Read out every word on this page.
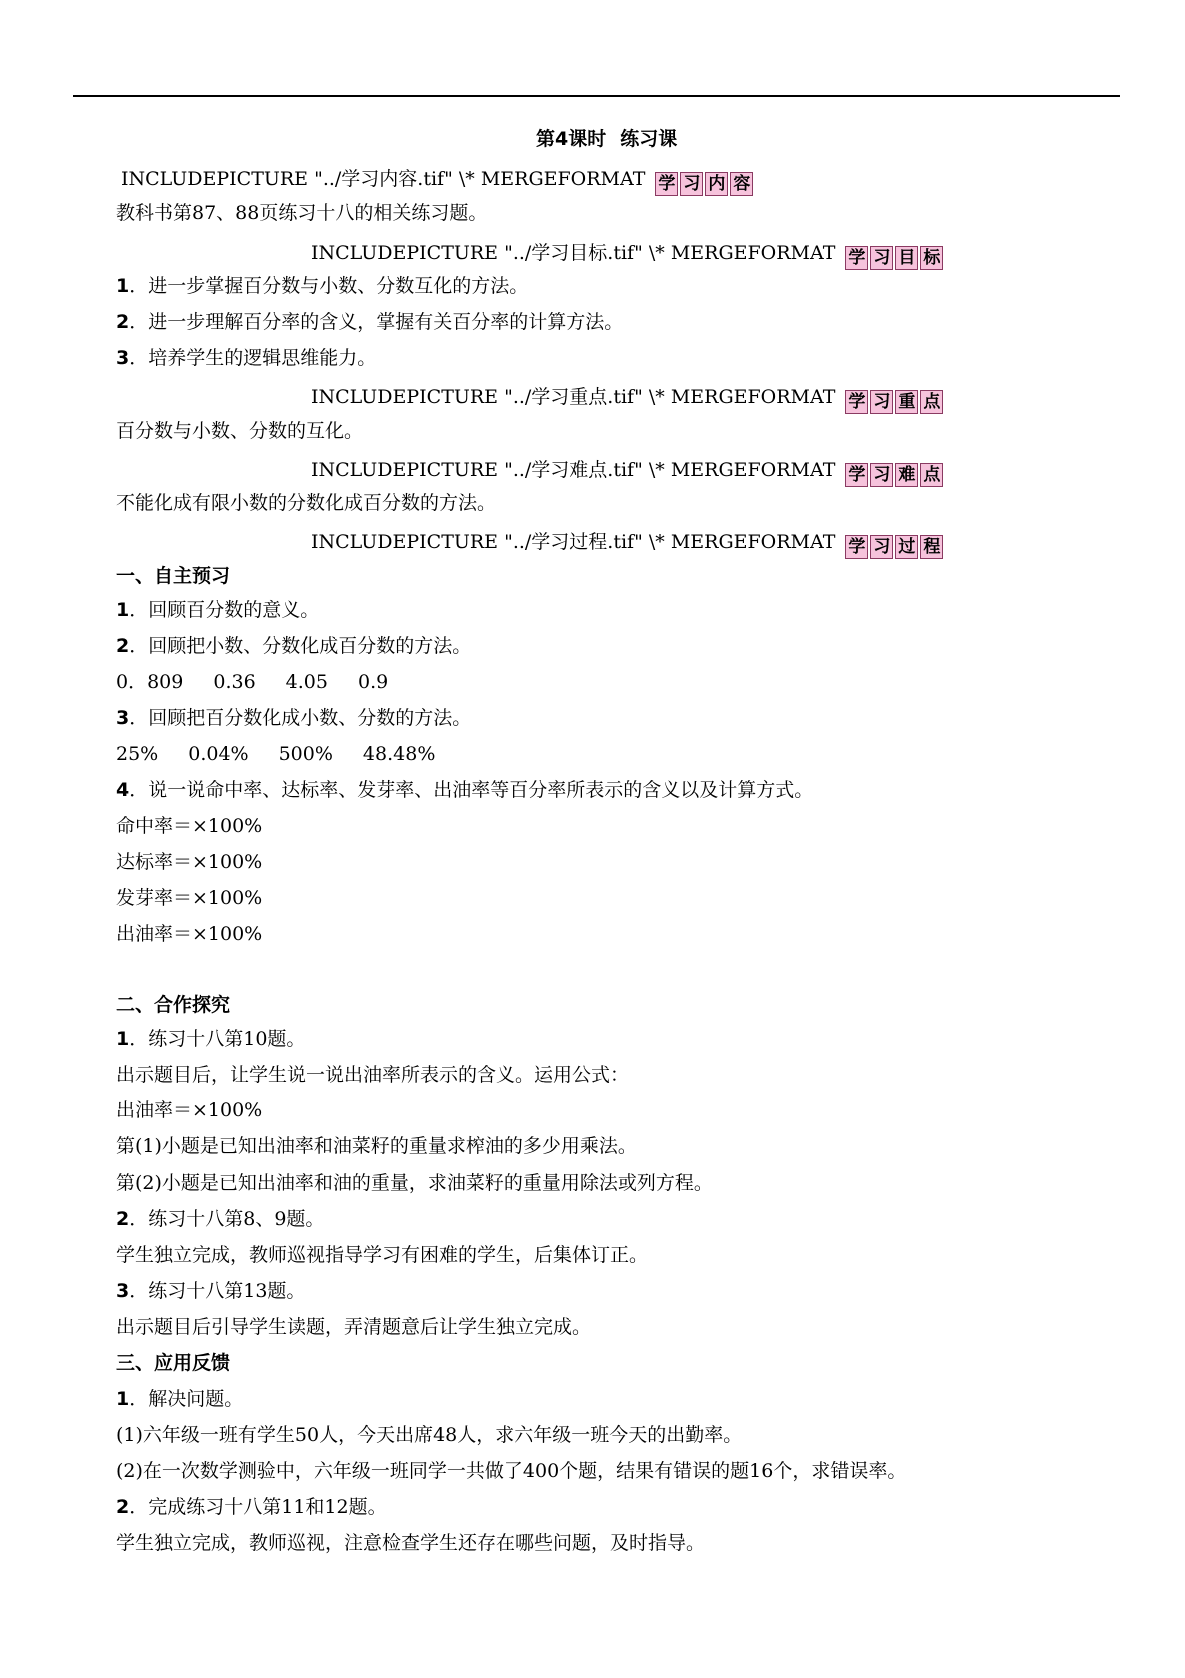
第4课时 练习课
INCLUDEPICTURE "../学习内容.tif" \* MERGEFORMAT 学 习 内 容
教科书第87、88页练习十八的相关练习题。
INCLUDEPICTURE "../学习目标.tif" \* MERGEFORMAT 学 习 目 标
1．进一步掌握百分数与小数、分数互化的方法。
2．进一步理解百分率的含义，掌握有关百分率的计算方法。
3．培养学生的逻辑思维能力。
INCLUDEPICTURE "../学习重点.tif" \* MERGEFORMAT 学 习 重 点
百分数与小数、分数的互化。
INCLUDEPICTURE "../学习难点.tif" \* MERGEFORMAT 学 习 难 点
不能化成有限小数的分数化成百分数的方法。
INCLUDEPICTURE "../学习过程.tif" \* MERGEFORMAT 学 习 过 程
一、自主预习
1．回顾百分数的意义。
2．回顾把小数、分数化成百分数的方法。
0．809 0.36 4.05 0.9
3．回顾把百分数化成小数、分数的方法。
25% 0.04% 500% 48.48%
4．说一说命中率、达标率、发芽率、出油率等百分率所表示的含义以及计算方式。
命中率＝×100%
达标率＝×100%
发芽率＝×100%
出油率＝×100%
二、合作探究
1．练习十八第10题。
出示题目后，让学生说一说出油率所表示的含义。运用公式：
出油率＝×100%
第(1)小题是已知出油率和油菜籽的重量求榨油的多少用乘法。
第(2)小题是已知出油率和油的重量，求油菜籽的重量用除法或列方程。
2．练习十八第8、9题。
学生独立完成，教师巡视指导学习有困难的学生，后集体订正。
3．练习十八第13题。
出示题目后引导学生读题，弄清题意后让学生独立完成。
三、应用反馈
1．解决问题。
(1)六年级一班有学生50人，今天出席48人，求六年级一班今天的出勤率。
(2)在一次数学测验中，六年级一班同学一共做了400个题，结果有错误的题16个，求错误率。
2．完成练习十八第11和12题。
学生独立完成，教师巡视，注意检查学生还存在哪些问题，及时指导。
